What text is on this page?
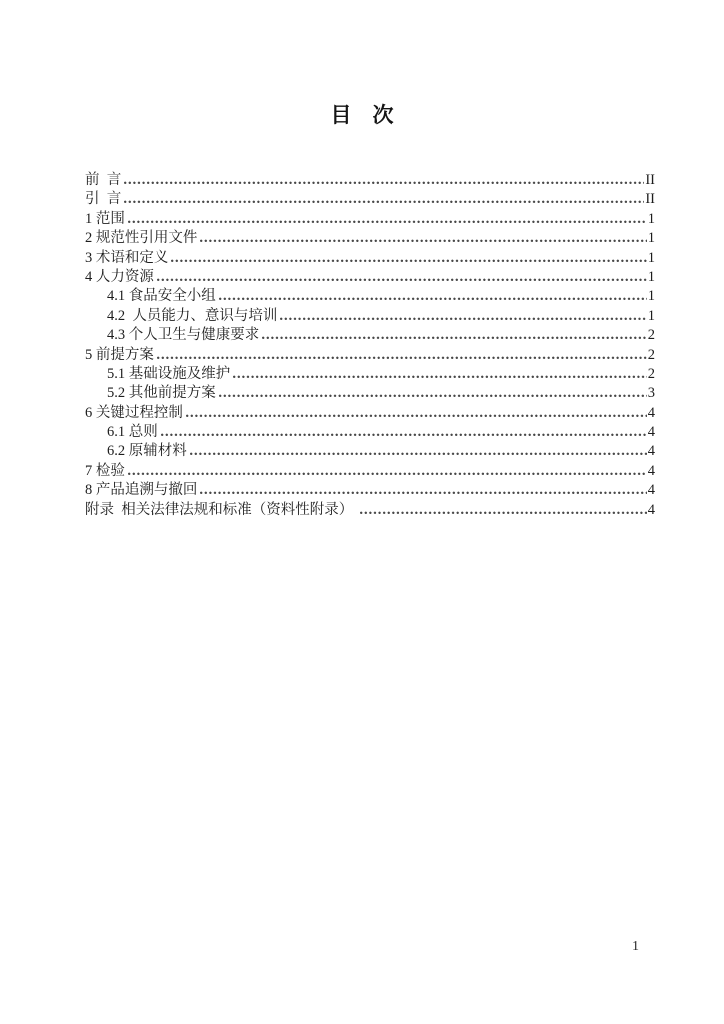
目　次
前  言	II
引  言	II
1 范围	1
2 规范性引用文件	1
3 术语和定义	1
4 人力资源	1
4.1 食品安全小组	1
4.2  人员能力、意识与培训	1
4.3 个人卫生与健康要求	2
5 前提方案	2
5.1 基础设施及维护	2
5.2 其他前提方案	3
6 关键过程控制	4
6.1 总则	4
6.2 原辅材料	4
7 检验	4
8 产品追溯与撤回	4
附录  相关法律法规和标准（资料性附录）	4
1
